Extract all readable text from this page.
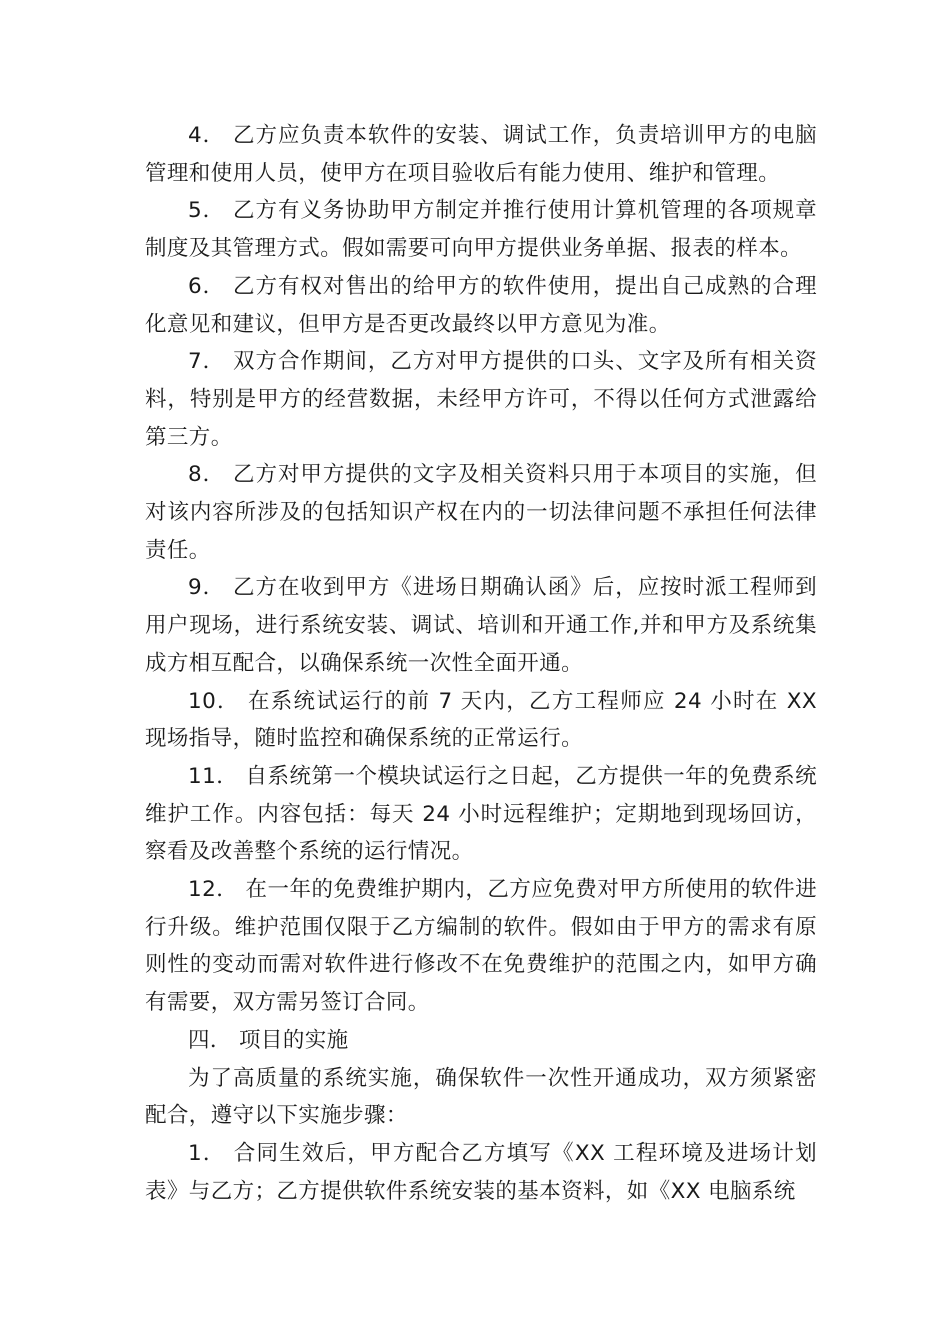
4． 乙方应负责本软件的安装、调试工作，负责培训甲方的电脑管理和使用人员，使甲方在项目验收后有能力使用、维护和管理。

5． 乙方有义务协助甲方制定并推行使用计算机管理的各项规章制度及其管理方式。假如需要可向甲方提供业务单据、报表的样本。

6． 乙方有权对售出的给甲方的软件使用，提出自己成熟的合理化意见和建议，但甲方是否更改最终以甲方意见为准。

7． 双方合作期间，乙方对甲方提供的口头、文字及所有相关资料，特别是甲方的经营数据，未经甲方许可，不得以任何方式泄露给第三方。

8． 乙方对甲方提供的文字及相关资料只用于本项目的实施，但对该内容所涉及的包括知识产权在内的一切法律问题不承担任何法律责任。

9． 乙方在收到甲方《进场日期确认函》后，应按时派工程师到用户现场，进行系统安装、调试、培训和开通工作,并和甲方及系统集成方相互配合，以确保系统一次性全面开通。

10． 在系统试运行的前 7 天内，乙方工程师应 24 小时在 XX 现场指导，随时监控和确保系统的正常运行。

11． 自系统第一个模块试运行之日起，乙方提供一年的免费系统维护工作。内容包括：每天 24 小时远程维护；定期地到现场回访，察看及改善整个系统的运行情况。

12． 在一年的免费维护期内，乙方应免费对甲方所使用的软件进行升级。维护范围仅限于乙方编制的软件。假如由于甲方的需求有原则性的变动而需对软件进行修改不在免费维护的范围之内，如甲方确有需要，双方需另签订合同。

四． 项目的实施

为了高质量的系统实施，确保软件一次性开通成功，双方须紧密配合，遵守以下实施步骤：

1． 合同生效后，甲方配合乙方填写《XX 工程环境及进场计划表》与乙方；乙方提供软件系统安装的基本资料，如《XX 电脑系统
